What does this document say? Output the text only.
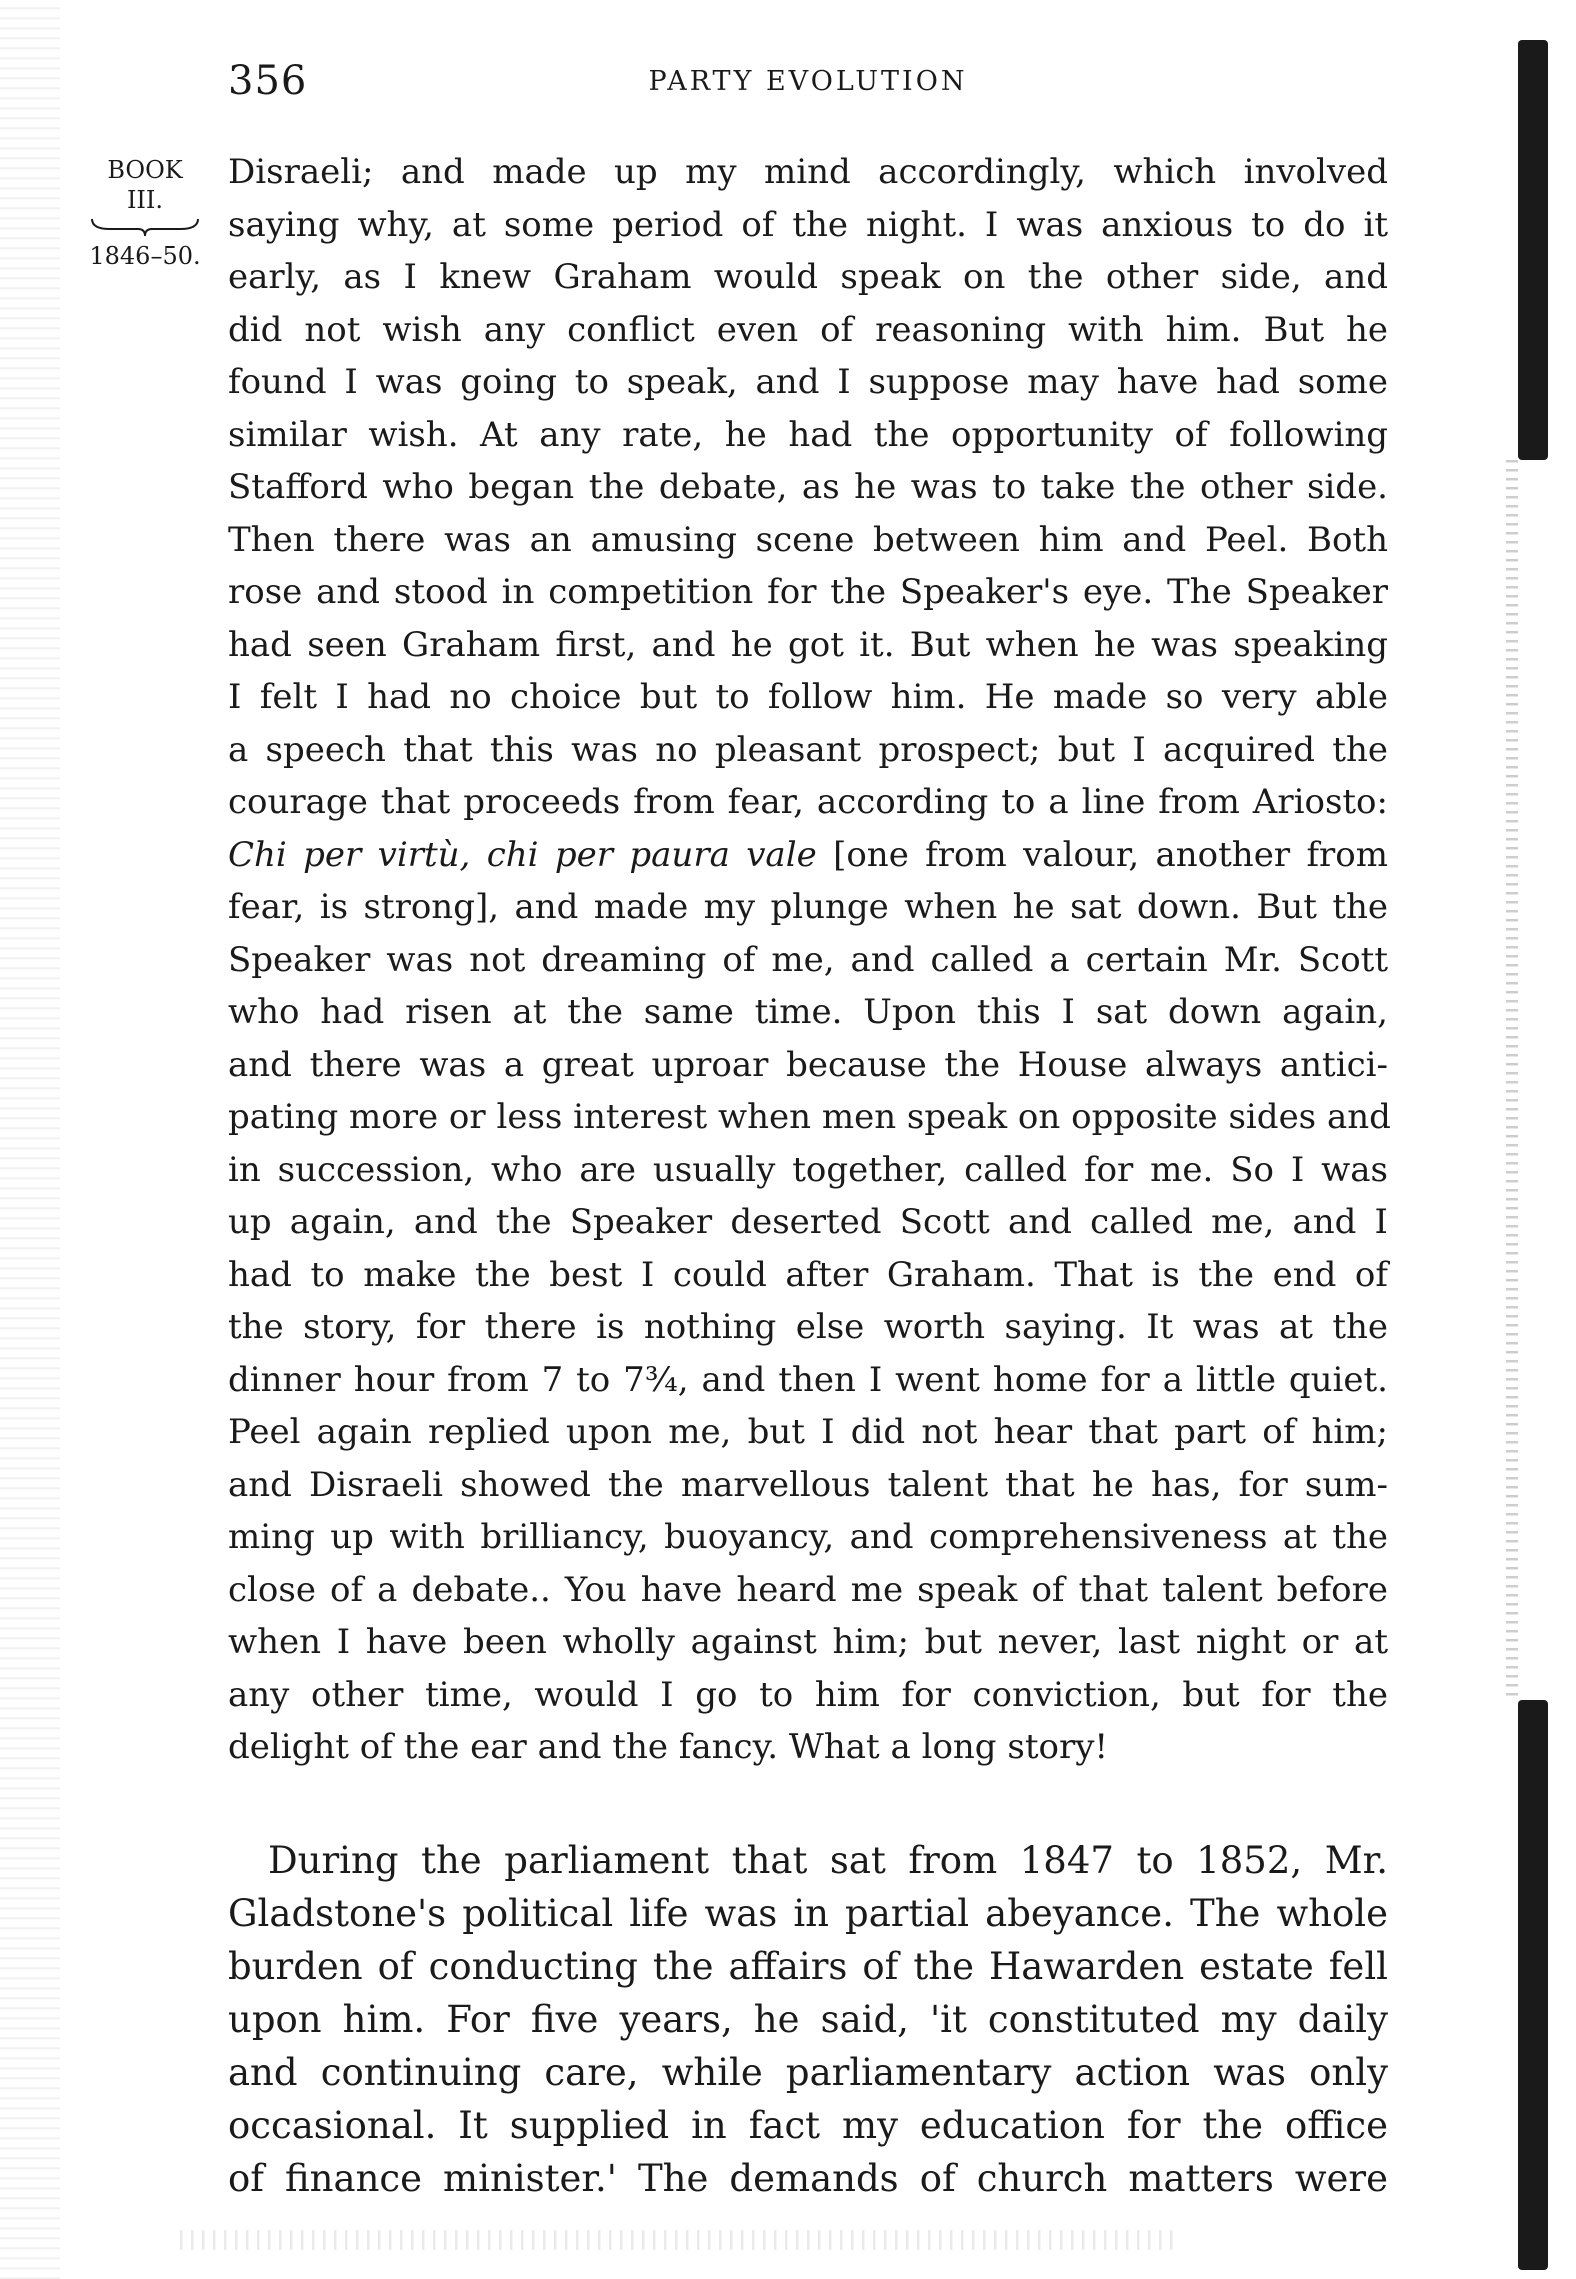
356	PARTY EVOLUTION
BOOK
III.
1846–50.
Disraeli; and made up my mind accordingly, which involved
saying why, at some period of the night. I was anxious to do it
early, as I knew Graham would speak on the other side, and
did not wish any conflict even of reasoning with him. But he
found I was going to speak, and I suppose may have had some
similar wish. At any rate, he had the opportunity of following
Stafford who began the debate, as he was to take the other side.
Then there was an amusing scene between him and Peel. Both
rose and stood in competition for the Speaker's eye. The Speaker
had seen Graham first, and he got it. But when he was speaking
I felt I had no choice but to follow him. He made so very able
a speech that this was no pleasant prospect; but I acquired the
courage that proceeds from fear, according to a line from Ariosto:
Chi per virtù, chi per paura vale [one from valour, another from
fear, is strong], and made my plunge when he sat down. But the
Speaker was not dreaming of me, and called a certain Mr. Scott
who had risen at the same time. Upon this I sat down again,
and there was a great uproar because the House always antici-
pating more or less interest when men speak on opposite sides and
in succession, who are usually together, called for me. So I was
up again, and the Speaker deserted Scott and called me, and I
had to make the best I could after Graham. That is the end of
the story, for there is nothing else worth saying. It was at the
dinner hour from 7 to 7¾, and then I went home for a little quiet.
Peel again replied upon me, but I did not hear that part of him;
and Disraeli showed the marvellous talent that he has, for sum-
ming up with brilliancy, buoyancy, and comprehensiveness at the
close of a debate.. You have heard me speak of that talent before
when I have been wholly against him; but never, last night or at
any other time, would I go to him for conviction, but for the
delight of the ear and the fancy. What a long story!
During the parliament that sat from 1847 to 1852, Mr.
Gladstone's political life was in partial abeyance. The whole
burden of conducting the affairs of the Hawarden estate fell
upon him. For five years, he said, 'it constituted my daily
and continuing care, while parliamentary action was only
occasional. It supplied in fact my education for the office
of finance minister.' The demands of church matters were
